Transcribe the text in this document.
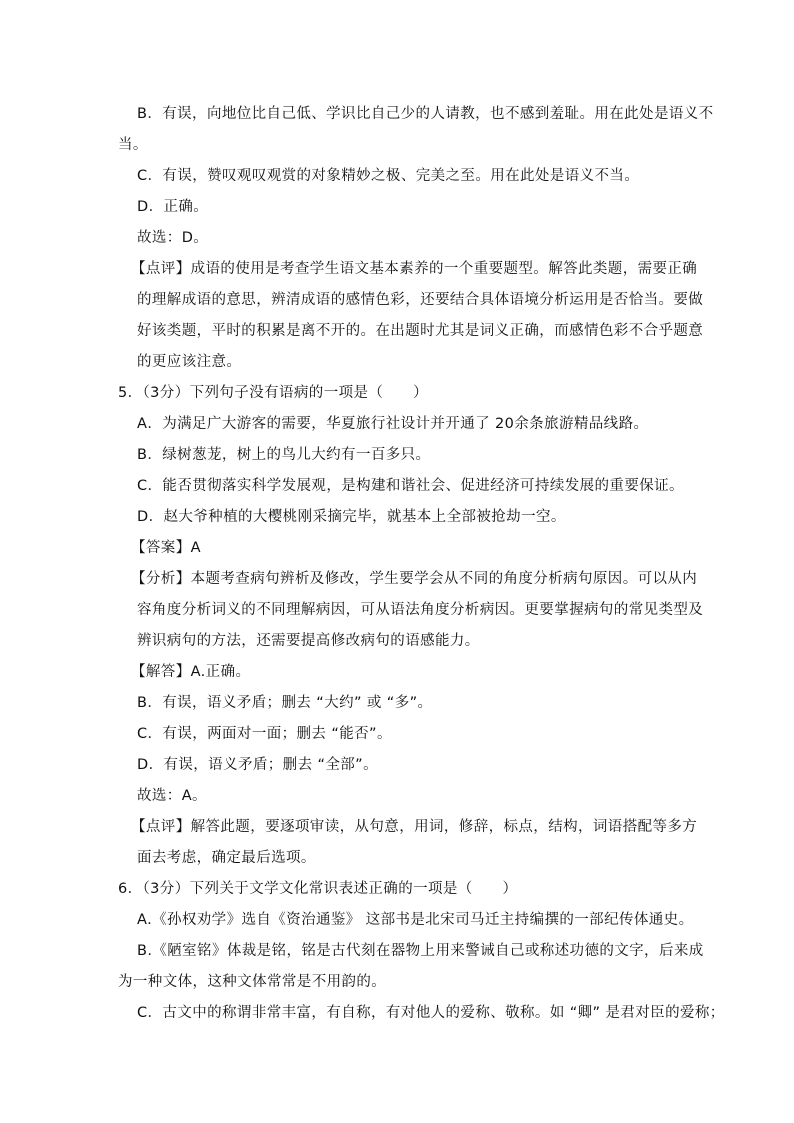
B．有误，向地位比自己低、学识比自己少的人请教，也不感到羞耻。用在此处是语义不
当。
C．有误，赞叹观叹观赏的对象精妙之极、完美之至。用在此处是语义不当。
D．正确。
故选：D。
【点评】成语的使用是考查学生语文基本素养的一个重要题型。解答此类题，需要正确
的理解成语的意思，辨清成语的感情色彩，还要结合具体语境分析运用是否恰当。要做
好该类题，平时的积累是离不开的。在出题时尤其是词义正确，而感情色彩不合乎题意
的更应该注意。
5．（3分）下列句子没有语病的一项是（　　）
A．为满足广大游客的需要，华夏旅行社设计并开通了 20余条旅游精品线路。
B．绿树葱茏，树上的鸟儿大约有一百多只。
C．能否贯彻落实科学发展观，是构建和谐社会、促进经济可持续发展的重要保证。
D．赵大爷种植的大樱桃刚采摘完毕，就基本上全部被抢劫一空。
【答案】A
【分析】本题考查病句辨析及修改，学生要学会从不同的角度分析病句原因。可以从内
容角度分析词义的不同理解病因，可从语法角度分析病因。更要掌握病句的常见类型及
辨识病句的方法，还需要提高修改病句的语感能力。
【解答】A.正确。
B．有误，语义矛盾；删去 “大约” 或 “多”。
C．有误，两面对一面；删去 “能否”。
D．有误，语义矛盾；删去 “全部”。
故选：A。
【点评】解答此题，要逐项审读，从句意，用词，修辞，标点，结构，词语搭配等多方
面去考虑，确定最后选项。
6．（3分）下列关于文学文化常识表述正确的一项是（　　）
A.《孙权劝学》选自《资治通鉴》 这部书是北宋司马迁主持编撰的一部纪传体通史。
B.《陋室铭》体裁是铭，铭是古代刻在器物上用来警诫自己或称述功德的文字，后来成
为一种文体，这种文体常常是不用韵的。
C．古文中的称谓非常丰富，有自称，有对他人的爱称、敬称。如 “卿” 是君对臣的爱称；
